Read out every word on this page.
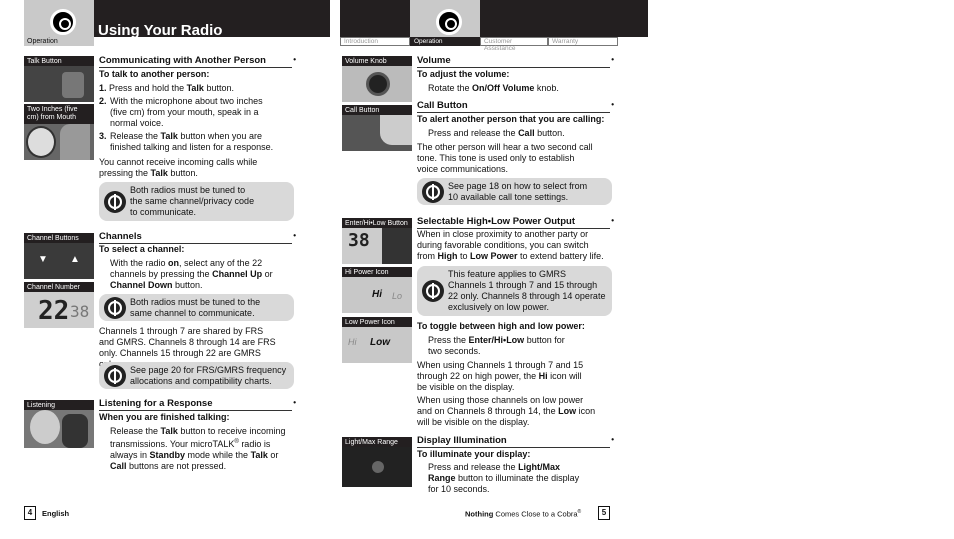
Operation
Using Your Radio
Introduction	Operation	Customer Assistance
Warranty
Talk Button
Two Inches (five cm) from Mouth
Channel Buttons
▼ ▲
Channel Number
22 38
Listening
Communicating with Another Person •
To talk to another person:
1. Press and hold the Talk button.
2. With the microphone about two inches (five cm) from your mouth, speak in a normal voice.
3. Release the Talk button when you are finished talking and listen for a response.
You cannot receive incoming calls while pressing the Talk button.
Both radios must be tuned to the same channel/privacy code to communicate.
Channels •
To select a channel:
With the radio on, select any of the 22 channels by pressing the Channel Up or Channel Down button.
Both radios must be tuned to the same channel to communicate.
Channels 1 through 7 are shared by FRS and GMRS. Channels 8 through 14 are FRS only. Channels 15 through 22 are GMRS
See page 20 for FRS/GMRS frequency allocations and compatibility charts.
Listening for a Response •
When you are finished talking:
Release the Talk button to receive incoming transmissions. Your microTALK® radio is always in Standby mode while the Talk or Call buttons are not pressed.
4	English
Volume Knob
Call Button
Enter/Hi•Low Button
38
Hi Power Icon
Hi Lo
Low Power Icon
Hi Low
Light/Max Range
Volume •
To adjust the volume:
Rotate the On/Off Volume knob.
Call Button •
To alert another person that you are calling:
Press and release the Call button.
The other person will hear a two second call tone. This tone is used only to establish voice communications.
See page 18 on how to select from 10 available call tone settings.
Selectable High•Low Power Output •
When in close proximity to another party or during favorable conditions, you can switch from High to Low Power to extend battery life.
This feature applies to GMRS Channels 1 through 7 and 15 through 22 only. Channels 8 through 14 operate exclusively on low power.
To toggle between high and low power:
Press the Enter/Hi•Low button for two seconds.
When using Channels 1 through 7 and 15 through 22 on high power, the Hi icon will be visible on the display.
When using those channels on low power and on Channels 8 through 14, the Low icon will be visible on the display.
Display Illumination •
To illuminate your display:
Press and release the Light/Max Range button to illuminate the display for 10 seconds.
Nothing Comes Close to a Cobra®	5
